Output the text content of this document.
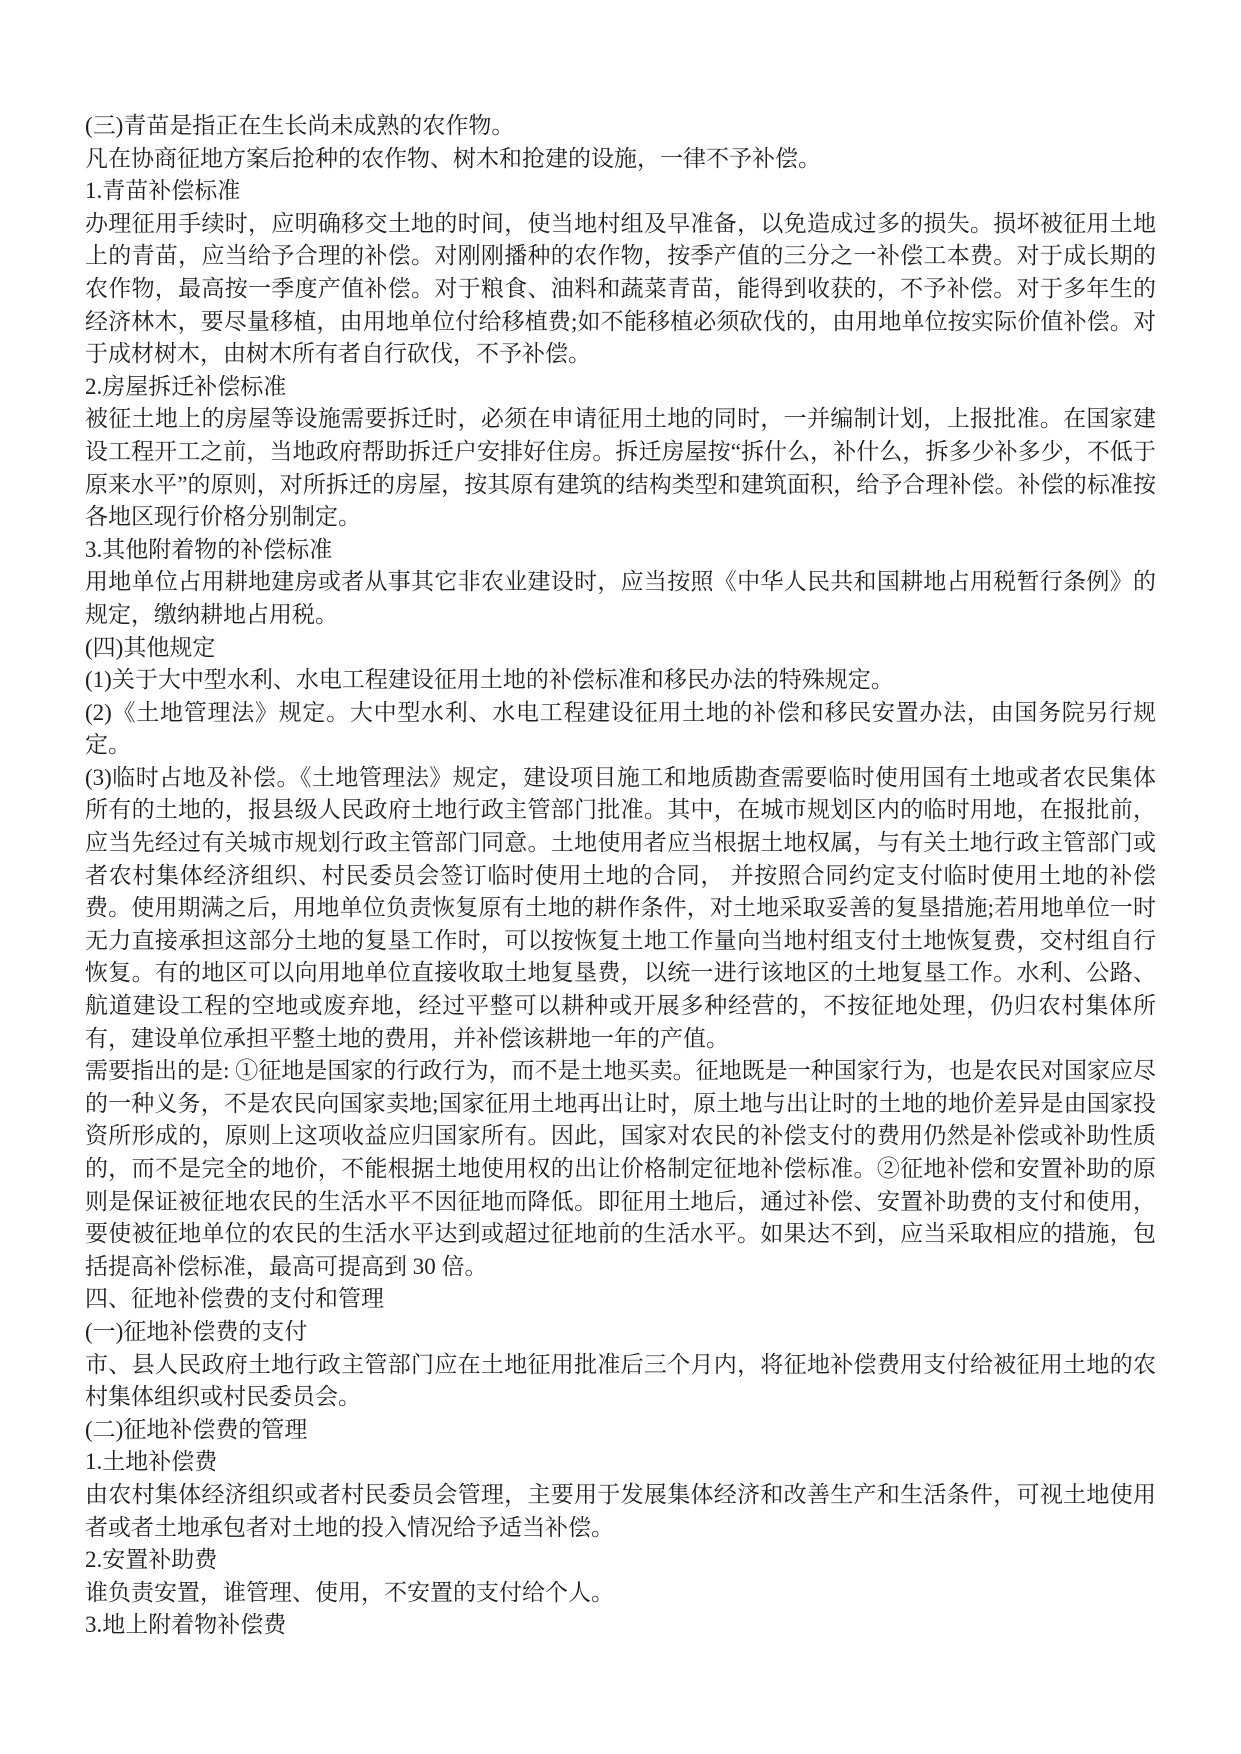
(三)青苗是指正在生长尚未成熟的农作物。

凡在协商征地方案后抢种的农作物、树木和抢建的设施，一律不予补偿。

1.青苗补偿标准

办理征用手续时，应明确移交土地的时间，使当地村组及早准备，以免造成过多的损失。损坏被征用土地上的青苗，应当给予合理的补偿。对刚刚播种的农作物，按季产值的三分之一补偿工本费。对于成长期的农作物，最高按一季度产值补偿。对于粮食、油料和蔬菜青苗，能得到收获的，不予补偿。对于多年生的经济林木，要尽量移植，由用地单位付给移植费;如不能移植必须砍伐的，由用地单位按实际价值补偿。对于成材树木，由树木所有者自行砍伐，不予补偿。

2.房屋拆迁补偿标准

被征土地上的房屋等设施需要拆迁时，必须在申请征用土地的同时，一并编制计划，上报批准。在国家建设工程开工之前，当地政府帮助拆迁户安排好住房。拆迁房屋按“拆什么，补什么，拆多少补多少，不低于原来水平”的原则，对所拆迁的房屋，按其原有建筑的结构类型和建筑面积，给予合理补偿。补偿的标准按各地区现行价格分别制定。

3.其他附着物的补偿标准

用地单位占用耕地建房或者从事其它非农业建设时，应当按照《中华人民共和国耕地占用税暂行条例》的规定，缴纳耕地占用税。

(四)其他规定

(1)关于大中型水利、水电工程建设征用土地的补偿标准和移民办法的特殊规定。

(2)《土地管理法》规定。大中型水利、水电工程建设征用土地的补偿和移民安置办法，由国务院另行规定。

(3)临时占地及补偿。《土地管理法》规定，建设项目施工和地质勘查需要临时使用国有土地或者农民集体所有的土地的，报县级人民政府土地行政主管部门批准。其中，在城市规划区内的临时用地，在报批前，应当先经过有关城市规划行政主管部门同意。土地使用者应当根据土地权属，与有关土地行政主管部门或者农村集体经济组织、村民委员会签订临时使用土地的合同， 并按照合同约定支付临时使用土地的补偿费。使用期满之后，用地单位负责恢复原有土地的耕作条件，对土地采取妥善的复垦措施;若用地单位一时无力直接承担这部分土地的复垦工作时，可以按恢复土地工作量向当地村组支付土地恢复费，交村组自行恢复。有的地区可以向用地单位直接收取土地复垦费，以统一进行该地区的土地复垦工作。水利、公路、航道建设工程的空地或废弃地，经过平整可以耕种或开展多种经营的，不按征地处理，仍归农村集体所有，建设单位承担平整土地的费用，并补偿该耕地一年的产值。

需要指出的是: ①征地是国家的行政行为，而不是土地买卖。征地既是一种国家行为，也是农民对国家应尽的一种义务，不是农民向国家卖地;国家征用土地再出让时，原土地与出让时的土地的地价差异是由国家投资所形成的，原则上这项收益应归国家所有。因此，国家对农民的补偿支付的费用仍然是补偿或补助性质的，而不是完全的地价，不能根据土地使用权的出让价格制定征地补偿标准。②征地补偿和安置补助的原则是保证被征地农民的生活水平不因征地而降低。即征用土地后，通过补偿、安置补助费的支付和使用，要使被征地单位的农民的生活水平达到或超过征地前的生活水平。如果达不到，应当采取相应的措施，包括提高补偿标准，最高可提高到 30 倍。

四、征地补偿费的支付和管理

(一)征地补偿费的支付

市、县人民政府土地行政主管部门应在土地征用批准后三个月内，将征地补偿费用支付给被征用土地的农村集体组织或村民委员会。

(二)征地补偿费的管理

1.土地补偿费

由农村集体经济组织或者村民委员会管理，主要用于发展集体经济和改善生产和生活条件，可视土地使用者或者土地承包者对土地的投入情况给予适当补偿。

2.安置补助费

谁负责安置，谁管理、使用，不安置的支付给个人。

3.地上附着物补偿费
